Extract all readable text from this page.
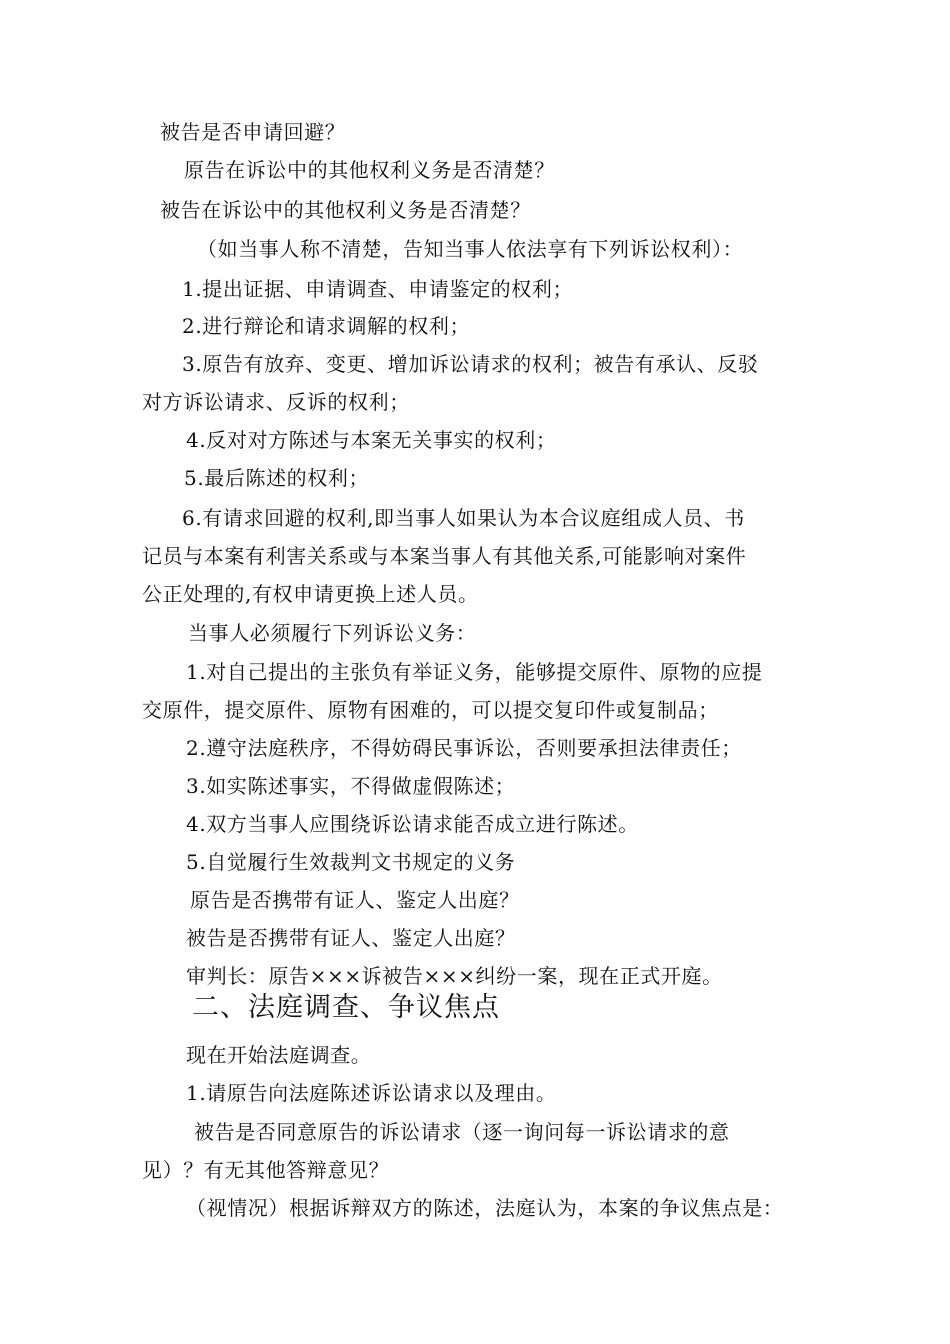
被告是否申请回避？
原告在诉讼中的其他权利义务是否清楚？
被告在诉讼中的其他权利义务是否清楚？
（如当事人称不清楚，告知当事人依法享有下列诉讼权利）：
1.提出证据、申请调查、申请鉴定的权利；
2.进行辩论和请求调解的权利；
3.原告有放弃、变更、增加诉讼请求的权利；被告有承认、反驳
对方诉讼请求、反诉的权利；
4.反对对方陈述与本案无关事实的权利；
5.最后陈述的权利；
6.有请求回避的权利,即当事人如果认为本合议庭组成人员、书
记员与本案有利害关系或与本案当事人有其他关系,可能影响对案件
公正处理的,有权申请更换上述人员。
当事人必须履行下列诉讼义务：
1.对自己提出的主张负有举证义务，能够提交原件、原物的应提
交原件，提交原件、原物有困难的，可以提交复印件或复制品；
2.遵守法庭秩序，不得妨碍民事诉讼，否则要承担法律责任；
3.如实陈述事实，不得做虚假陈述；
4.双方当事人应围绕诉讼请求能否成立进行陈述。
5.自觉履行生效裁判文书规定的义务
原告是否携带有证人、鉴定人出庭？
被告是否携带有证人、鉴定人出庭？
审判长：原告×××诉被告×××纠纷一案，现在正式开庭。
二、法庭调查、争议焦点
现在开始法庭调查。
1.请原告向法庭陈述诉讼请求以及理由。
被告是否同意原告的诉讼请求（逐一询问每一诉讼请求的意
见）？有无其他答辩意见？
（视情况）根据诉辩双方的陈述，法庭认为，本案的争议焦点是：
